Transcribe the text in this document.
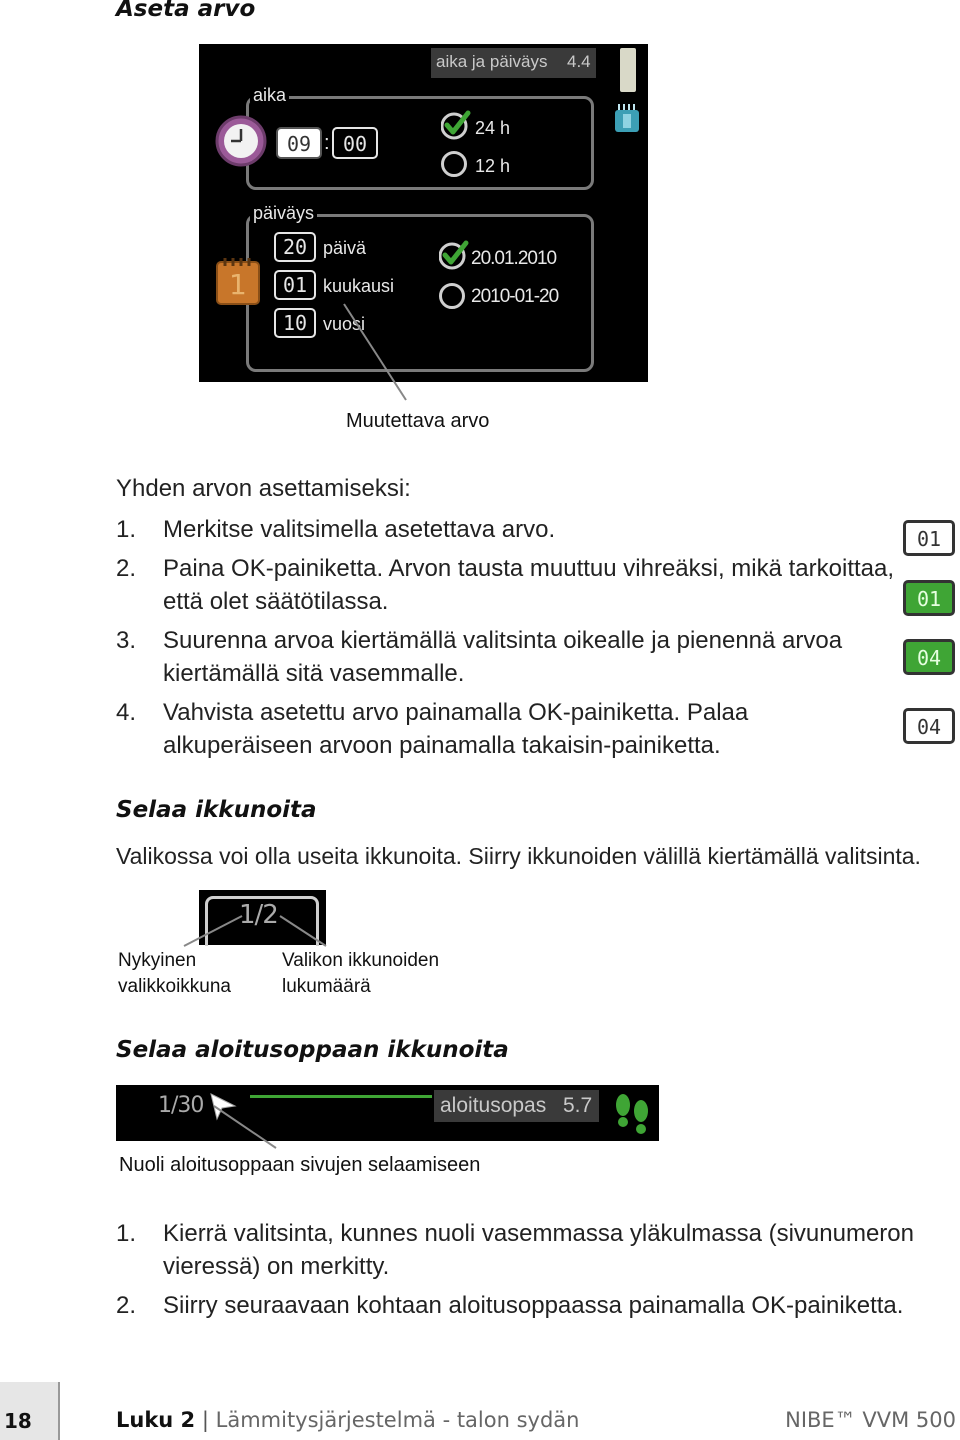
Aseta arvo
aika ja päiväys 4.4
aika
09 : 00
24 h
12 h
päiväys
1
20 päivä
01 kuukausi
10 vuosi
20.01.2010
2010-01-20
Muutettava arvo
Yhden arvon asettamiseksi:
1. Merkitse valitsimella asetettava arvo.
2. Paina OK-painiketta. Arvon tausta muuttuu vihreäksi, mikä tarkoittaa, että olet säätötilassa.
3. Suurenna arvoa kiertämällä valitsinta oikealle ja pienennä arvoa kiertämällä sitä vasemmalle.
4. Vahvista asetettu arvo painamalla OK-painiketta. Palaa alkuperäiseen arvoon painamalla takaisin-painiketta.
01
01
04
04
Selaa ikkunoita
Valikossa voi olla useita ikkunoita. Siirry ikkunoiden välillä kiertämällä valitsinta.
1/2
Nykyinen
valikkoikkuna
Valikon ikkunoiden
lukumäärä
Selaa aloitusoppaan ikkunoita
1/30	aloitusopas 5.7
Nuoli aloitusoppaan sivujen selaamiseen
1. Kierrä valitsinta, kunnes nuoli vasemmassa yläkulmassa (sivunumeron vieressä) on merkitty.
2. Siirry seuraavaan kohtaan aloitusoppaassa painamalla OK-painiketta.
18	Luku 2 | Lämmitysjärjestelmä - talon sydän	NIBE™ VVM 500
